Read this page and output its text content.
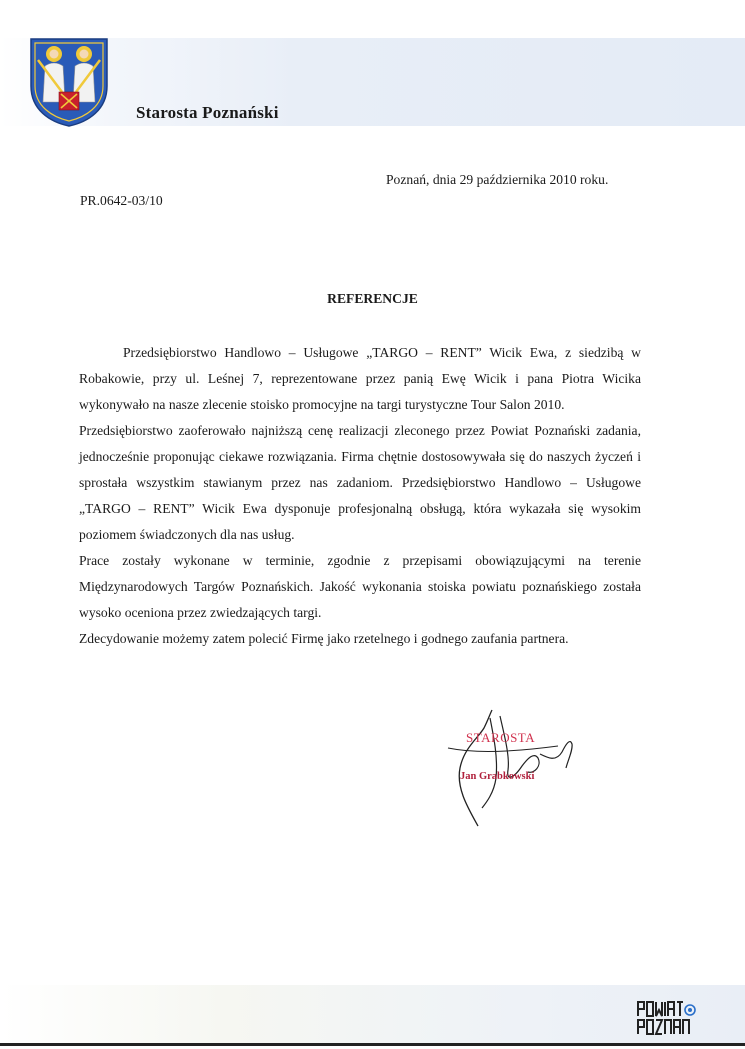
Starosta Poznański
Poznań, dnia 29 października 2010 roku.
PR.0642-03/10
REFERENCJE

Przedsiębiorstwo Handlowo – Usługowe „TARGO – RENT” Wicik Ewa, z siedzibą w Robakowie, przy ul. Leśnej 7, reprezentowane przez panią Ewę Wicik i pana Piotra Wicika wykonywało na nasze zlecenie stoisko promocyjne na targi turystyczne Tour Salon 2010.

Przedsiębiorstwo zaoferowało najniższą cenę realizacji zleconego przez Powiat Poznański zadania, jednocześnie proponując ciekawe rozwiązania. Firma chętnie dostosowywała się do naszych życzeń i sprostała wszystkim stawianym przez nas zadaniom. Przedsiębiorstwo Handlowo – Usługowe „TARGO – RENT” Wicik Ewa dysponuje profesjonalną obsługą, która wykazała się wysokim poziomem świadczonych dla nas usług.

Prace zostały wykonane w terminie, zgodnie z przepisami obowiązującymi na terenie Międzynarodowych Targów Poznańskich. Jakość wykonania stoiska powiatu poznańskiego została wysoko oceniona przez zwiedzających targi.

Zdecydowanie możemy zatem polecić Firmę jako rzetelnego i godnego zaufania partnera.

STAROSTA
Jan Grabkowski
